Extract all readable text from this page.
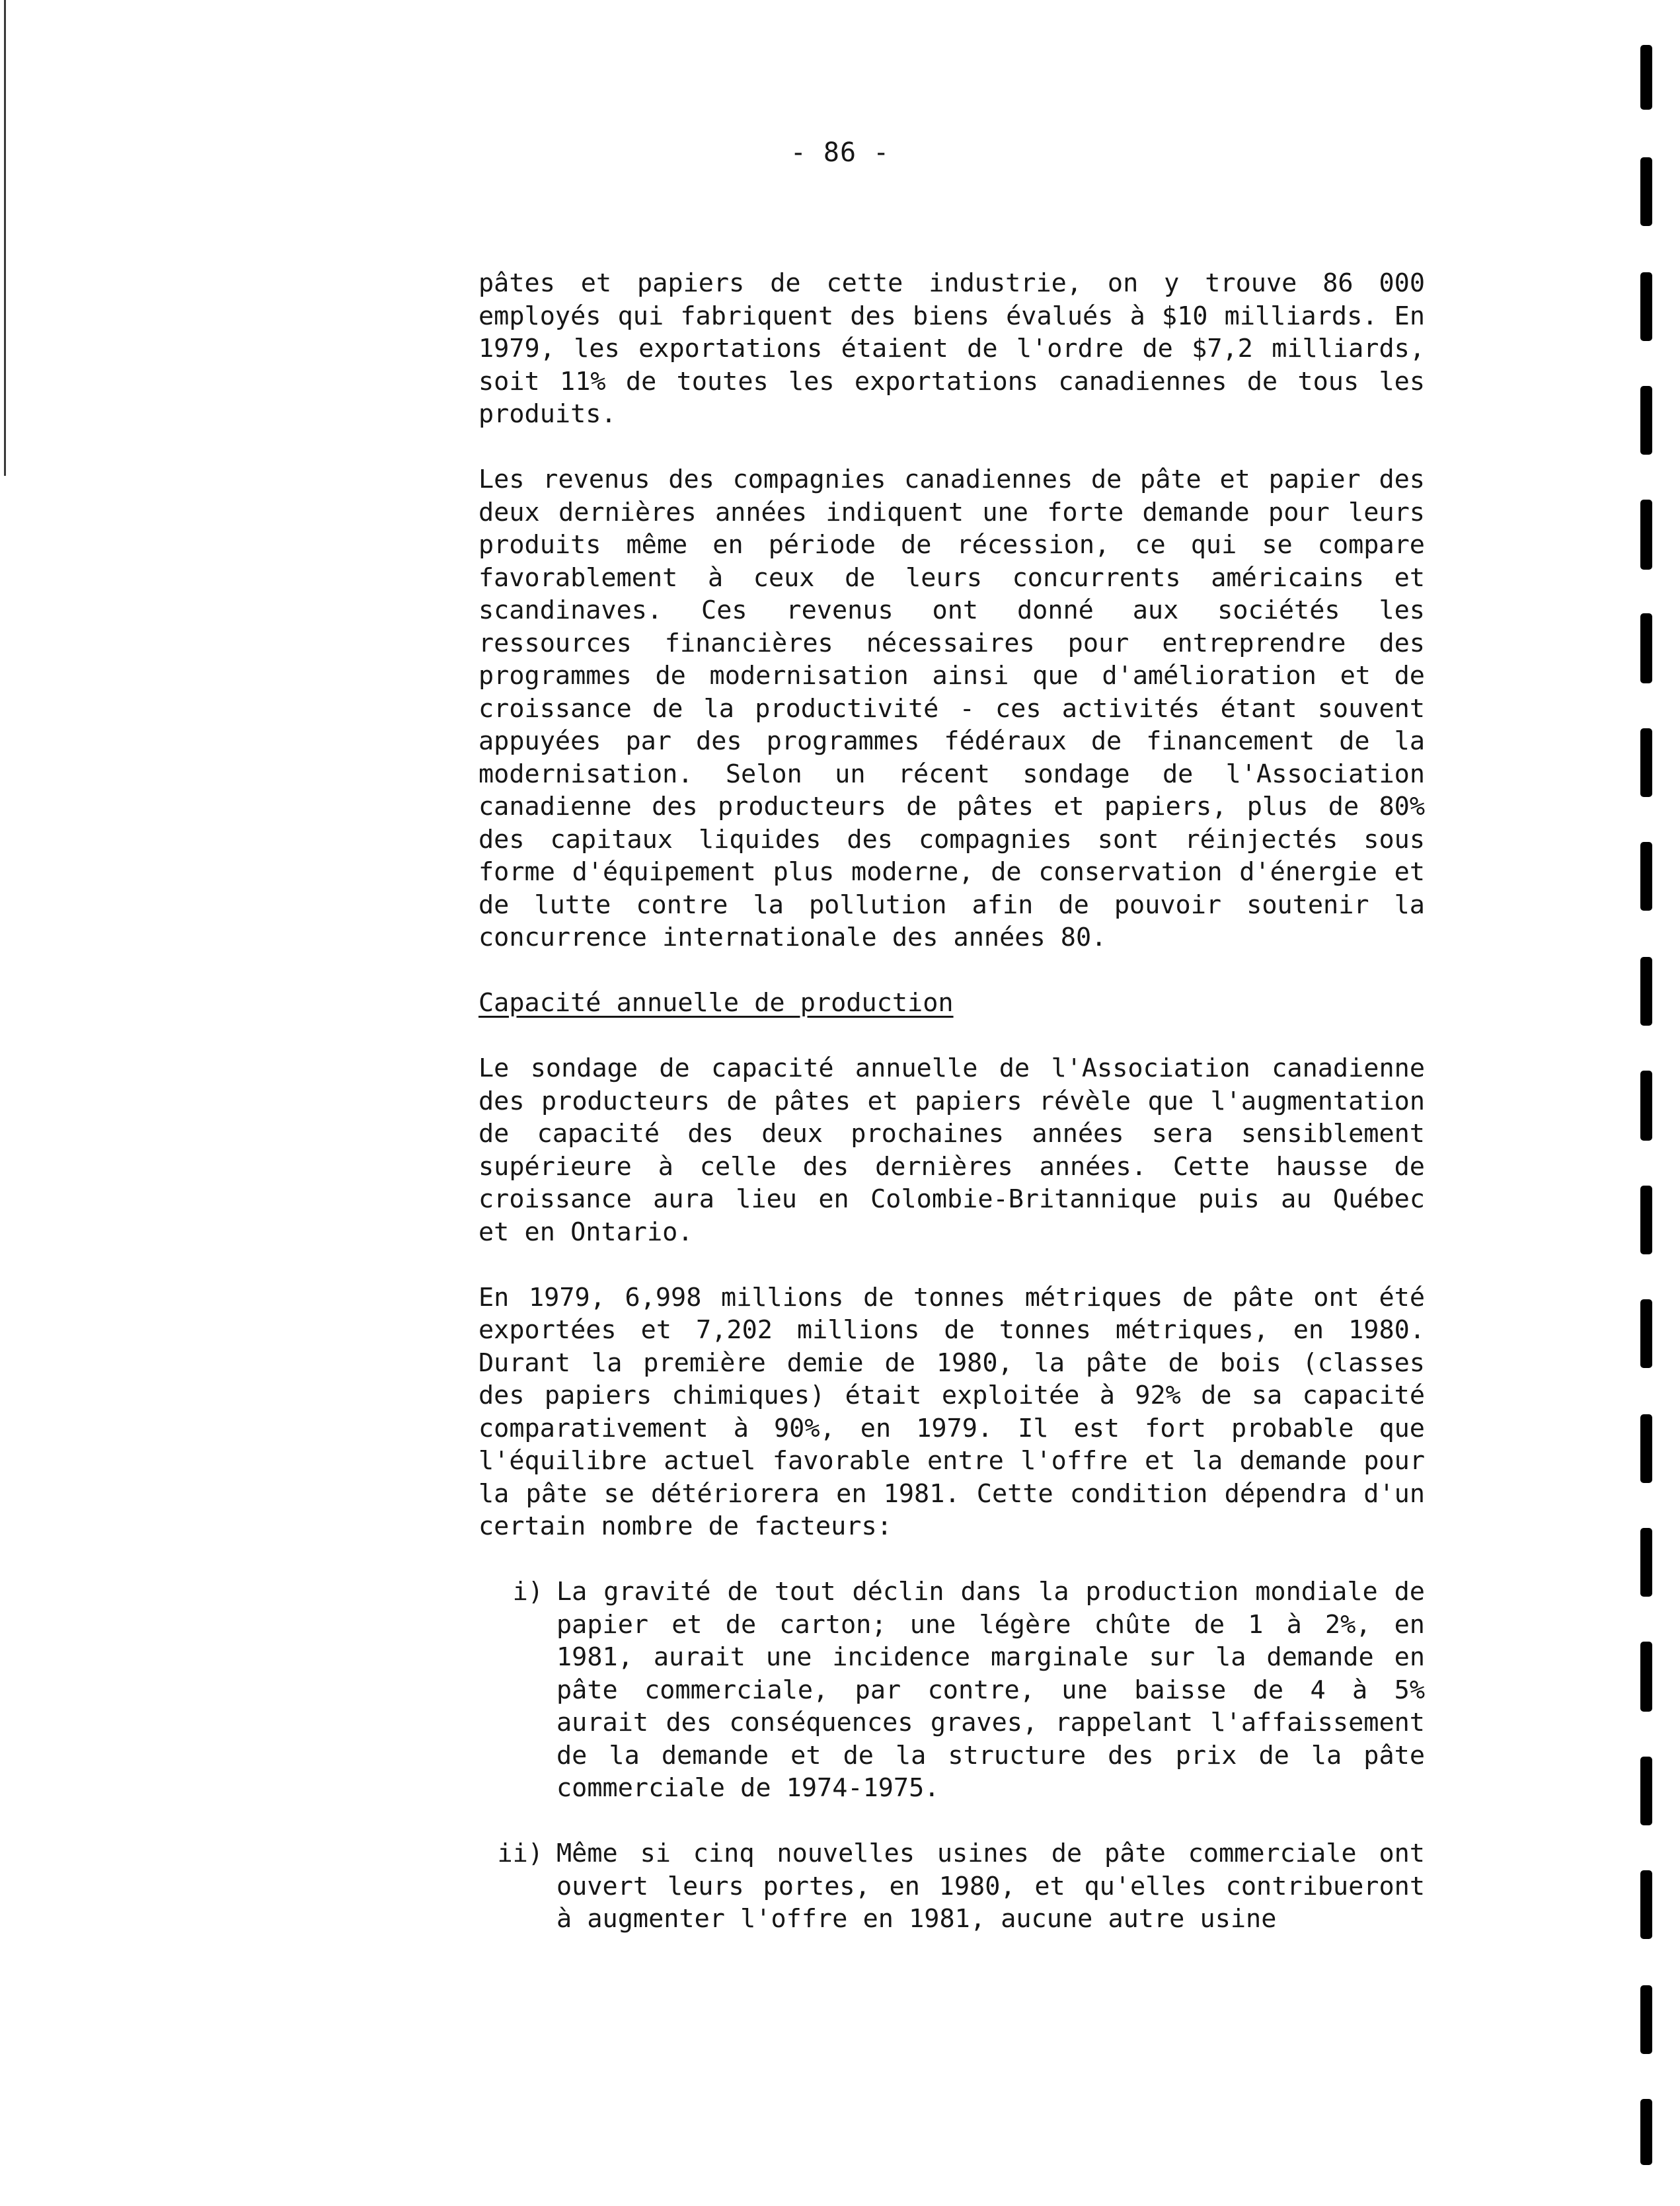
- 86 -

pâtes et papiers de cette industrie, on y trouve 86 000 employés qui fabriquent des biens évalués à $10 milliards. En 1979, les exportations étaient de l'ordre de $7,2 milliards, soit 11% de toutes les exportations canadiennes de tous les produits.

Les revenus des compagnies canadiennes de pâte et papier des deux dernières années indiquent une forte demande pour leurs produits même en période de récession, ce qui se compare favorablement à ceux de leurs concurrents américains et scandinaves. Ces revenus ont donné aux sociétés les ressources financières nécessaires pour entreprendre des programmes de modernisation ainsi que d'amélioration et de croissance de la productivité - ces activités étant souvent appuyées par des programmes fédéraux de financement de la modernisation. Selon un récent sondage de l'Association canadienne des producteurs de pâtes et papiers, plus de 80% des capitaux liquides des compagnies sont réinjectés sous forme d'équipement plus moderne, de conservation d'énergie et de lutte contre la pollution afin de pouvoir soutenir la concurrence internationale des années 80.

Capacité annuelle de production

Le sondage de capacité annuelle de l'Association canadienne des producteurs de pâtes et papiers révèle que l'augmentation de capacité des deux prochaines années sera sensiblement supérieure à celle des dernières années. Cette hausse de croissance aura lieu en Colombie-Britannique puis au Québec et en Ontario.

En 1979, 6,998 millions de tonnes métriques de pâte ont été exportées et 7,202 millions de tonnes métriques, en 1980. Durant la première demie de 1980, la pâte de bois (classes des papiers chimiques) était exploitée à 92% de sa capacité comparativement à 90%, en 1979. Il est fort probable que l'équilibre actuel favorable entre l'offre et la demande pour la pâte se détériorera en 1981. Cette condition dépendra d'un certain nombre de facteurs:

i) La gravité de tout déclin dans la production mondiale de papier et de carton; une légère chûte de 1 à 2%, en 1981, aurait une incidence marginale sur la demande en pâte commerciale, par contre, une baisse de 4 à 5% aurait des conséquences graves, rappelant l'affaissement de la demande et de la structure des prix de la pâte commerciale de 1974-1975.
ii) Même si cinq nouvelles usines de pâte commerciale ont ouvert leurs portes, en 1980, et qu'elles contribueront à augmenter l'offre en 1981, aucune autre usine
